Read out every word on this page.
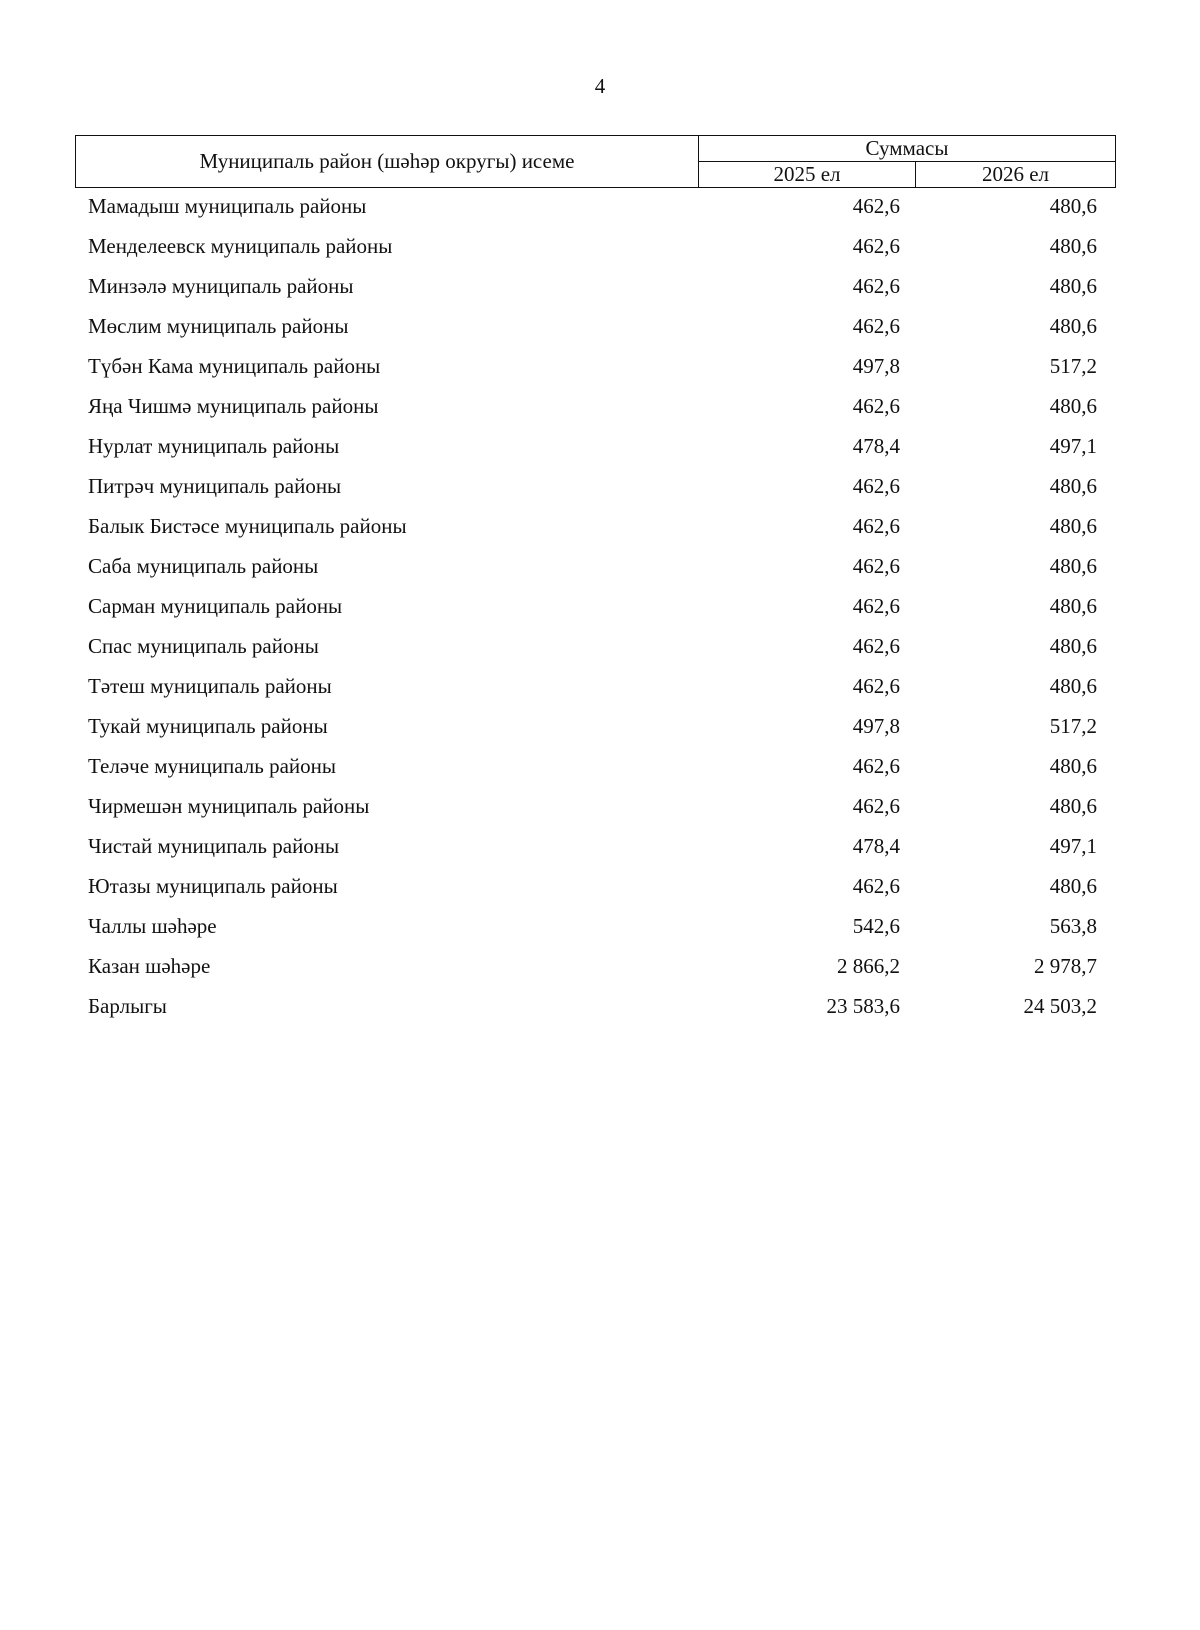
4
Муниципаль район (шәһәр округы) исеме	Суммасы	
	2025 ел	2026 ел
Мамадыш муниципаль районы	462,6	480,6
Менделеевск муниципаль районы	462,6	480,6
Минзәлә муниципаль районы	462,6	480,6
Мөслим муниципаль районы	462,6	480,6
Түбән Кама муниципаль районы	497,8	517,2
Яңа Чишмә муниципаль районы	462,6	480,6
Нурлат муниципаль районы	478,4	497,1
Питрәч муниципаль районы	462,6	480,6
Балык Бистәсе муниципаль районы	462,6	480,6
Саба муниципаль районы	462,6	480,6
Сарман муниципаль районы	462,6	480,6
Спас муниципаль районы	462,6	480,6
Тәтеш муниципаль районы	462,6	480,6
Тукай муниципаль районы	497,8	517,2
Теләче муниципаль районы	462,6	480,6
Чирмешән муниципаль районы	462,6	480,6
Чистай муниципаль районы	478,4	497,1
Ютазы муниципаль районы	462,6	480,6
Чаллы шәһәре	542,6	563,8
Казан шәһәре	2 866,2	2 978,7
Барлыгы	23 583,6	24 503,2
